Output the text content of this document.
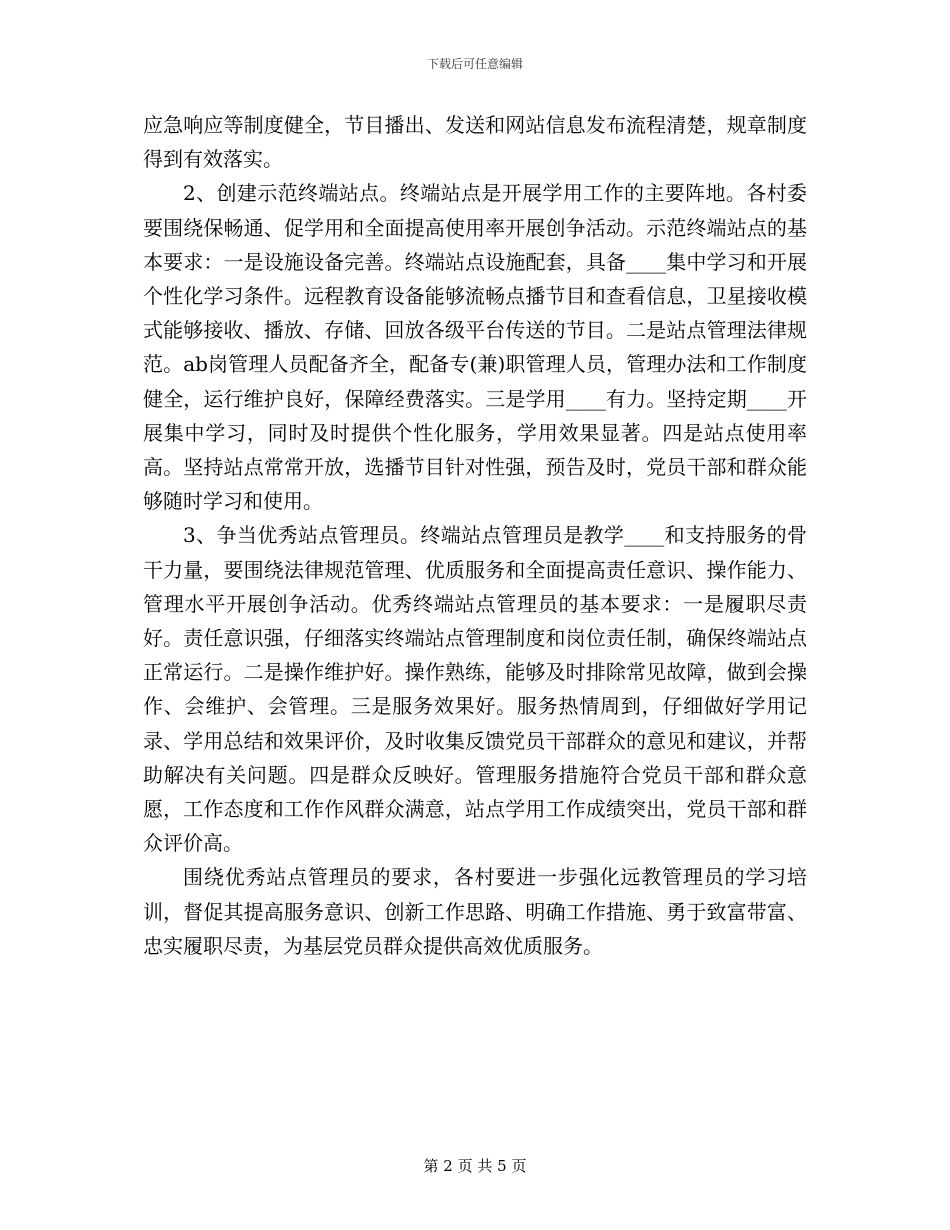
下载后可任意编辑

应急响应等制度健全，节目播出、发送和网站信息发布流程清楚，规章制度得到有效落实。

2、创建示范终端站点。终端站点是开展学用工作的主要阵地。各村委要围绕保畅通、促学用和全面提高使用率开展创争活动。示范终端站点的基本要求：一是设施设备完善。终端站点设施配套，具备____集中学习和开展个性化学习条件。远程教育设备能够流畅点播节目和查看信息，卫星接收模式能够接收、播放、存储、回放各级平台传送的节目。二是站点管理法律规范。ab岗管理人员配备齐全，配备专(兼)职管理人员，管理办法和工作制度健全，运行维护良好，保障经费落实。三是学用____有力。坚持定期____开展集中学习，同时及时提供个性化服务，学用效果显著。四是站点使用率高。坚持站点常常开放，选播节目针对性强，预告及时，党员干部和群众能够随时学习和使用。

3、争当优秀站点管理员。终端站点管理员是教学____和支持服务的骨干力量，要围绕法律规范管理、优质服务和全面提高责任意识、操作能力、管理水平开展创争活动。优秀终端站点管理员的基本要求：一是履职尽责好。责任意识强，仔细落实终端站点管理制度和岗位责任制，确保终端站点正常运行。二是操作维护好。操作熟练，能够及时排除常见故障，做到会操作、会维护、会管理。三是服务效果好。服务热情周到，仔细做好学用记录、学用总结和效果评价，及时收集反馈党员干部群众的意见和建议，并帮助解决有关问题。四是群众反映好。管理服务措施符合党员干部和群众意愿，工作态度和工作作风群众满意，站点学用工作成绩突出，党员干部和群众评价高。

围绕优秀站点管理员的要求，各村要进一步强化远教管理员的学习培训，督促其提高服务意识、创新工作思路、明确工作措施、勇于致富带富、忠实履职尽责，为基层党员群众提供高效优质服务。

第 2 页 共 5 页
